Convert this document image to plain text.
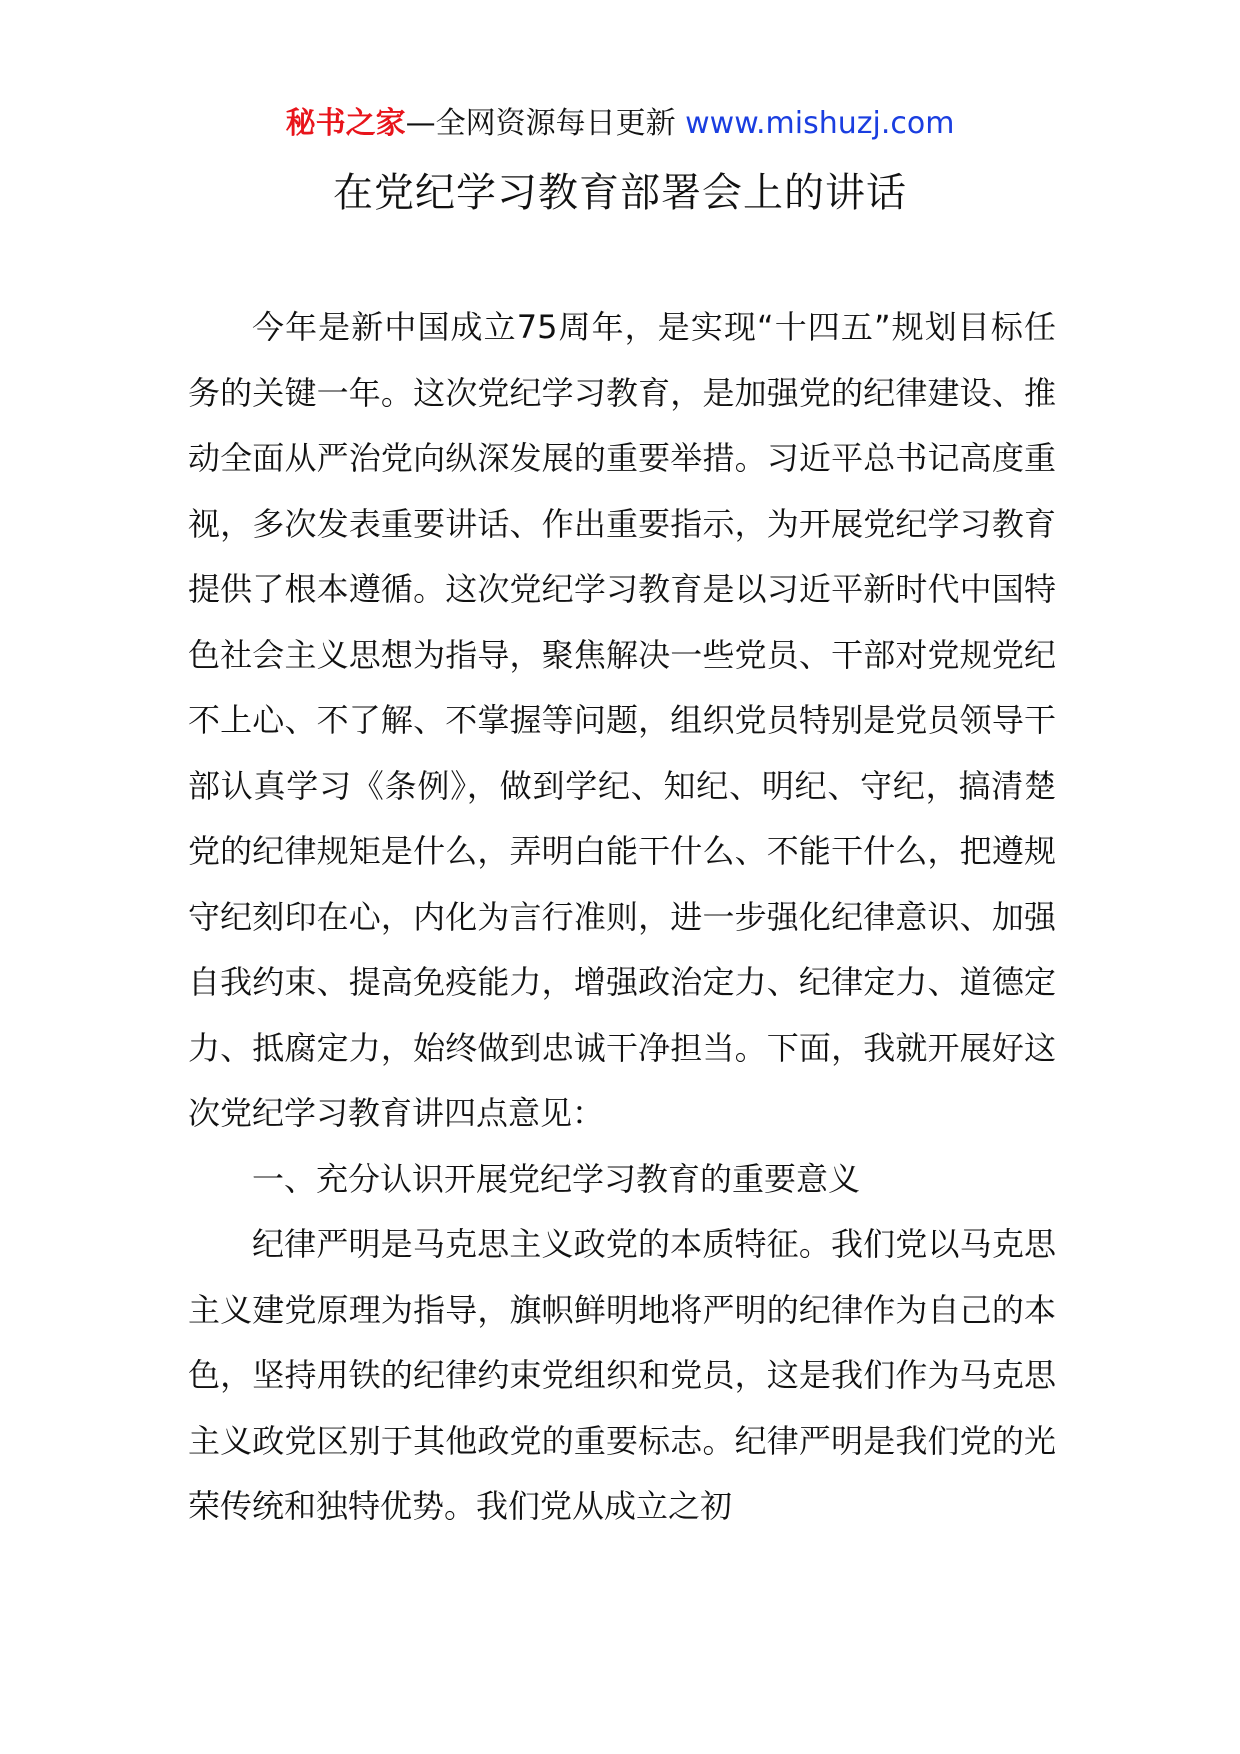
秘书之家—全网资源每日更新 www.mishuzj.com
在党纪学习教育部署会上的讲话

今年是新中国成立75周年，是实现“十四五”规划目标任务的关键一年。这次党纪学习教育，是加强党的纪律建设、推动全面从严治党向纵深发展的重要举措。习近平总书记高度重视，多次发表重要讲话、作出重要指示，为开展党纪学习教育提供了根本遵循。这次党纪学习教育是以习近平新时代中国特色社会主义思想为指导，聚焦解决一些党员、干部对党规党纪不上心、不了解、不掌握等问题，组织党员特别是党员领导干部认真学习《条例》，做到学纪、知纪、明纪、守纪，搞清楚党的纪律规矩是什么，弄明白能干什么、不能干什么，把遵规守纪刻印在心，内化为言行准则，进一步强化纪律意识、加强自我约束、提高免疫能力，增强政治定力、纪律定力、道德定力、抵腐定力，始终做到忠诚干净担当。下面，我就开展好这次党纪学习教育讲四点意见：

一、充分认识开展党纪学习教育的重要意义

纪律严明是马克思主义政党的本质特征。我们党以马克思主义建党原理为指导，旗帜鲜明地将严明的纪律作为自己的本色，坚持用铁的纪律约束党组织和党员，这是我们作为马克思主义政党区别于其他政党的重要标志。纪律严明是我们党的光荣传统和独特优势。我们党从成立之初
